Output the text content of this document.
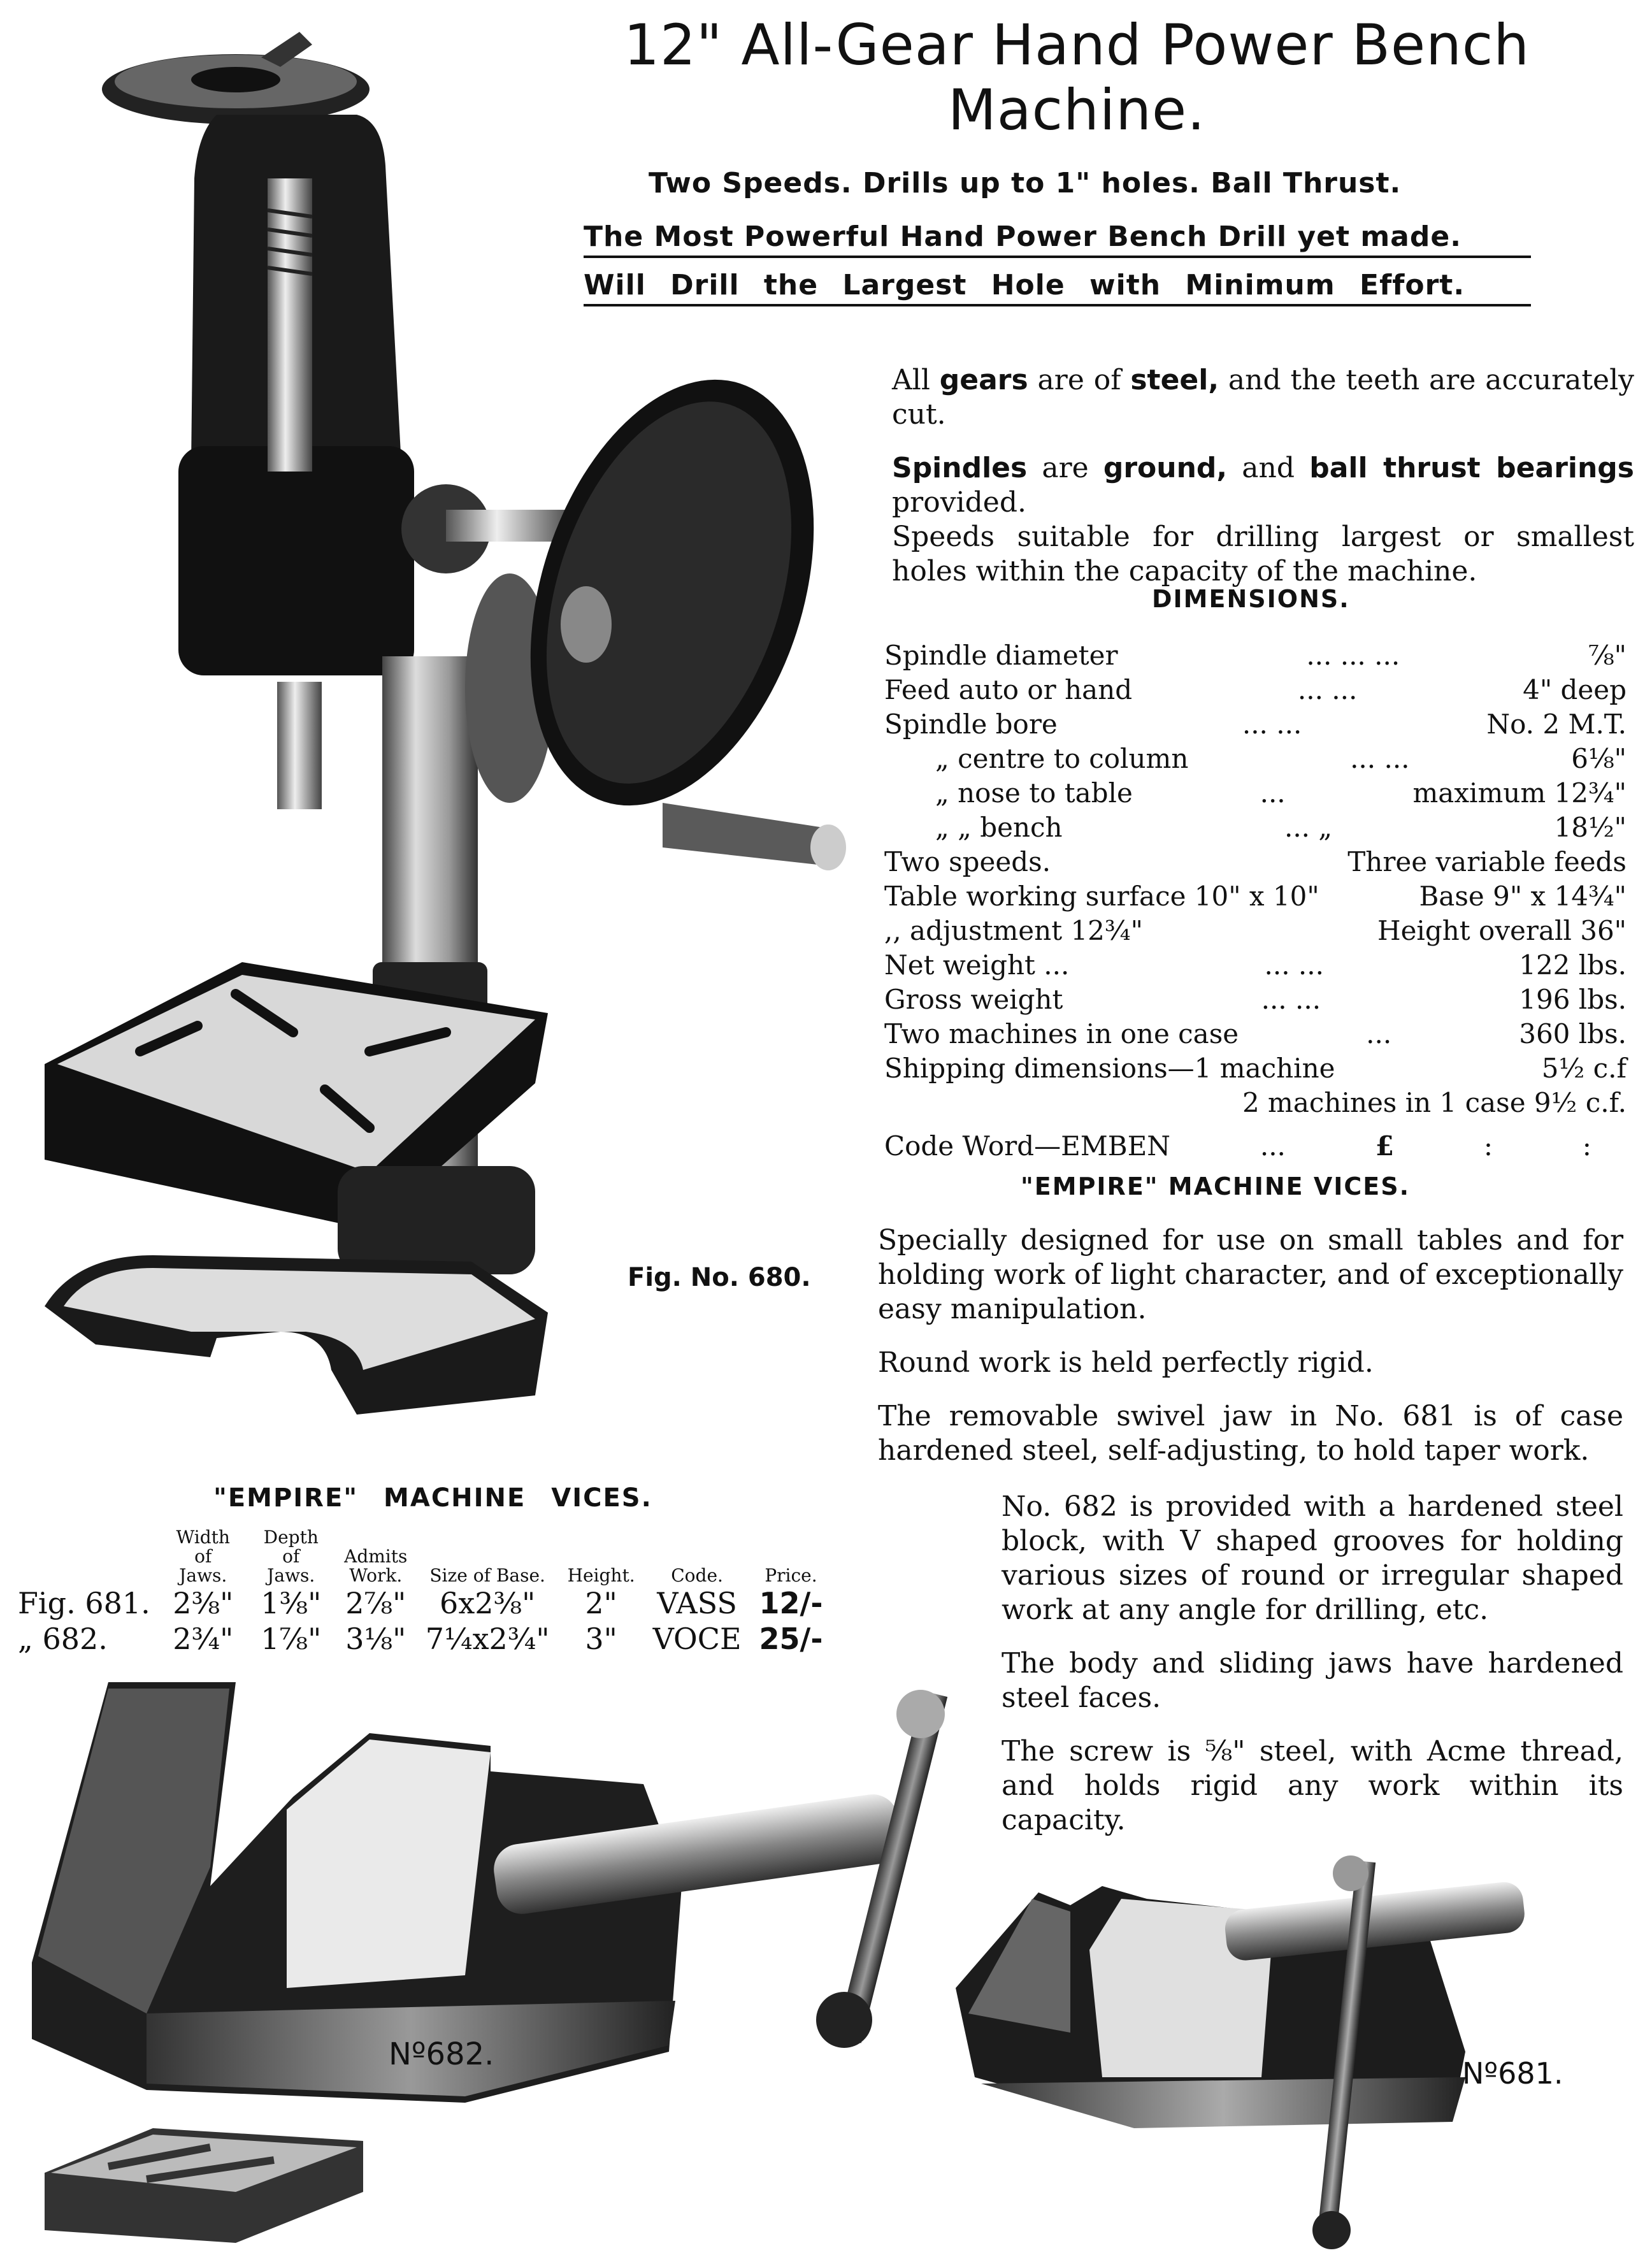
12" All-Gear Hand Power Bench
Machine.
Two Speeds. Drills up to 1" holes. Ball Thrust.
The Most Powerful Hand Power Bench Drill yet made.
Will Drill the Largest Hole with Minimum Effort.

All gears are of steel, and the teeth are accurately cut.

Spindles are ground, and ball thrust bearings provided.

Speeds suitable for drilling largest or smallest holes within the capacity of the machine.

DIMENSIONS.
Spindle diameter	... ... ...	⅞"
Feed auto or hand	... ...	4" deep
Spindle bore	... ...	No. 2 M.T.
„ centre to column	... ...	6⅛"
„ nose to table	...	maximum 12¾"
„ „ bench	... „	18½"
Two speeds.	Three variable feeds
Table working surface 10" x 10"	Base 9" x 14¾"
,, adjustment 12¾"	Height overall 36"
Net weight ...	... ...	122 lbs.
Gross weight	... ...	196 lbs.
Two machines in one case	...	360 lbs.
Shipping dimensions—1 machine	5½ c.f
2 machines in 1 case 9½ c.f.
Code Word—EMBEN	...	£	:	:
"EMPIRE" MACHINE VICES.

Specially designed for use on small tables and for holding work of light character, and of exceptionally easy manipulation.

Round work is held perfectly rigid.

The removable swivel jaw in No. 681 is of case hardened steel, self-adjusting, to hold taper work.

No. 682 is provided with a hardened steel block, with V shaped grooves for holding various sizes of round or irregular shaped work at any angle for drilling, etc.

The body and sliding jaws have hardened steel faces.

The screw is ⅝" steel, with Acme thread, and holds rigid any work within its capacity.

Fig. No. 680.
"EMPIRE" MACHINE VICES.
	Width of Jaws.	Depth of Jaws.	Admits Work.	Size of Base.	Height.	Code.	Price.
Fig. 681.	2⅜"	1⅜"	2⅞"	6x2⅜"	2"	VASS	12/-
„ 682.	2¾"	1⅞"	3⅛"	7¼x2¾"	3"	VOCE	25/-
Nº682.
Nº681.
